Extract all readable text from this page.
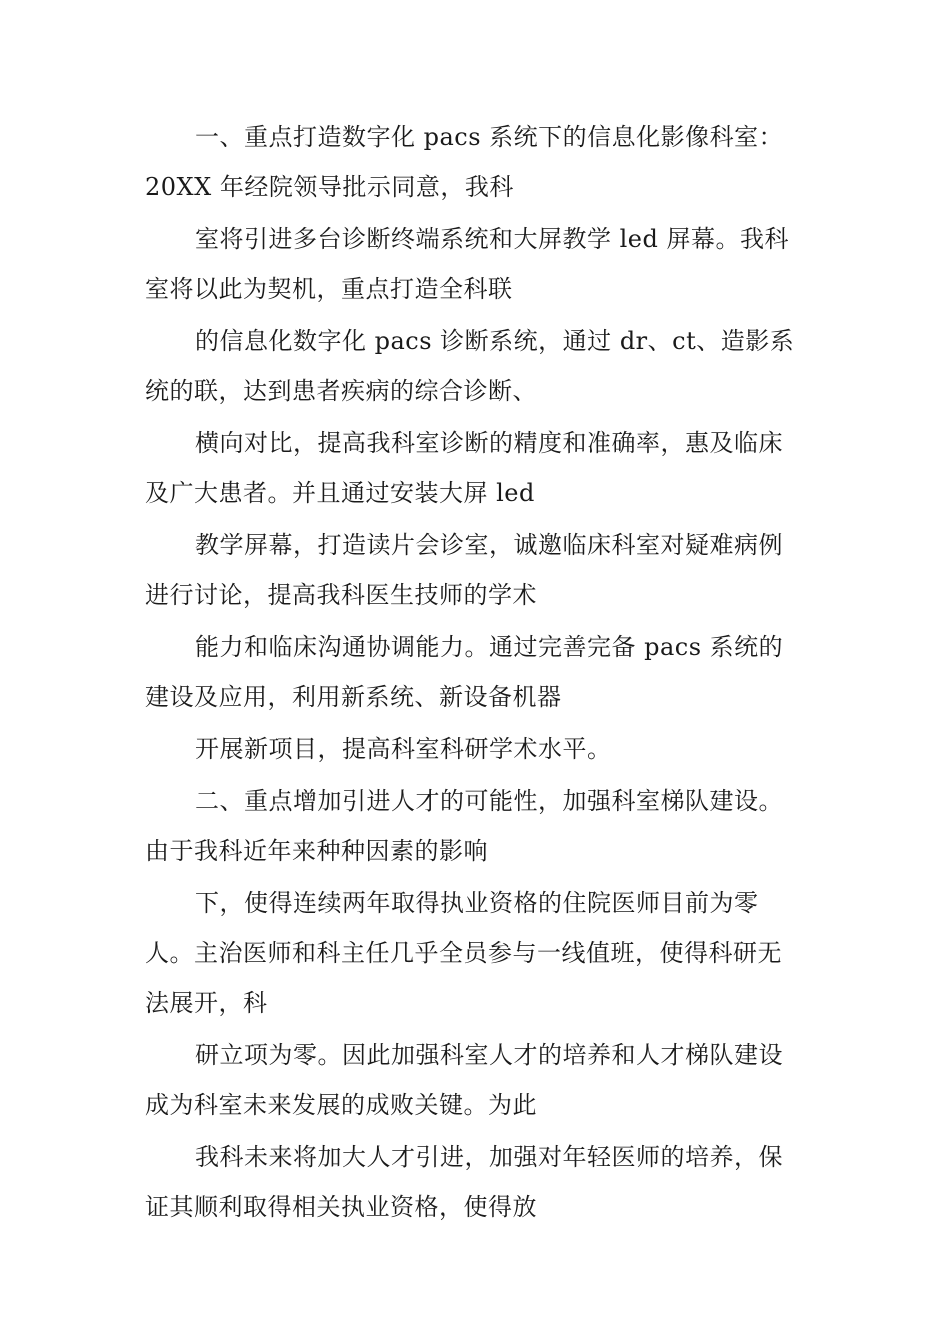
一、重点打造数字化 pacs 系统下的信息化影像科室：
20XX 年经院领导批示同意，我科
室将引进多台诊断终端系统和大屏教学 led 屏幕。我科
室将以此为契机，重点打造全科联
的信息化数字化 pacs 诊断系统，通过 dr、ct、造影系
统的联，达到患者疾病的综合诊断、
横向对比，提高我科室诊断的精度和准确率，惠及临床
及广大患者。并且通过安装大屏 led
教学屏幕，打造读片会诊室，诚邀临床科室对疑难病例
进行讨论，提高我科医生技师的学术
能力和临床沟通协调能力。通过完善完备 pacs 系统的
建设及应用，利用新系统、新设备机器
开展新项目，提高科室科研学术水平。
二、重点增加引进人才的可能性，加强科室梯队建设。
由于我科近年来种种因素的影响
下，使得连续两年取得执业资格的住院医师目前为零
人。主治医师和科主任几乎全员参与一线值班，使得科研无
法展开，科
研立项为零。因此加强科室人才的培养和人才梯队建设
成为科室未来发展的成败关键。为此
我科未来将加大人才引进，加强对年轻医师的培养，保
证其顺利取得相关执业资格，使得放
